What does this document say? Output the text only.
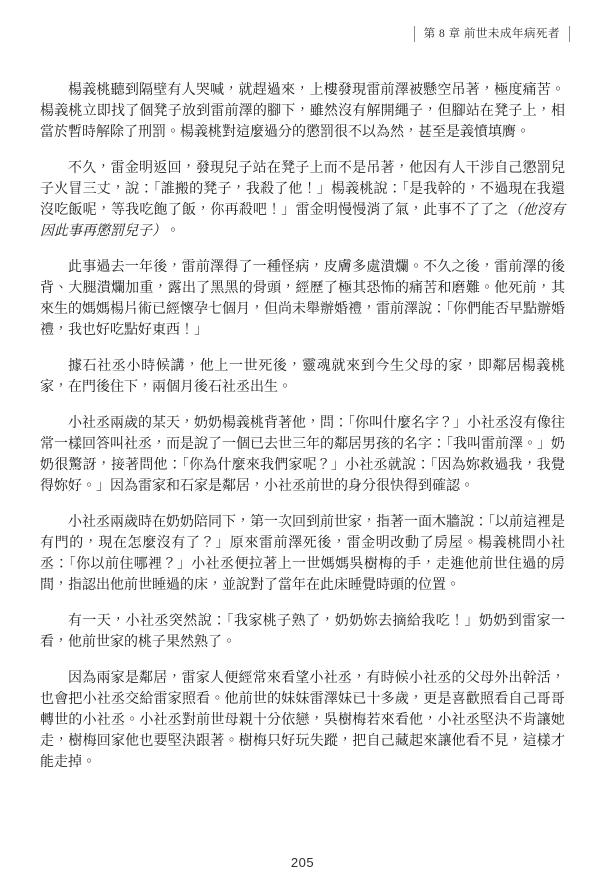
第 8 章 前世未成年病死者

楊義桃聽到隔壁有人哭喊，就趕過來，上樓發現雷前澤被懸空吊著，極度痛苦。楊義桃立即找了個凳子放到雷前澤的腳下，雖然沒有解開繩子，但腳站在凳子上，相當於暫時解除了刑罰。楊義桃對這麼過分的懲罰很不以為然，甚至是義憤填膺。

不久，雷金明返回，發現兒子站在凳子上而不是吊著，他因有人干涉自己懲罰兒子火冒三丈，說：「誰搬的凳子，我殺了他！」楊義桃說：「是我幹的，不過現在我還沒吃飯呢，等我吃飽了飯，你再殺吧！」雷金明慢慢消了氣，此事不了了之（他沒有因此事再懲罰兒子）。

此事過去一年後，雷前澤得了一種怪病，皮膚多處潰爛。不久之後，雷前澤的後背、大腿潰爛加重，露出了黑黑的骨頭，經歷了極其恐怖的痛苦和磨難。他死前，其來生的媽媽楊片術已經懷孕七個月，但尚未舉辦婚禮，雷前澤說：「你們能否早點辦婚禮，我也好吃點好東西！」

據石社丞小時候講，他上一世死後，靈魂就來到今生父母的家，即鄰居楊義桃家，在門後住下，兩個月後石社丞出生。

小社丞兩歲的某天，奶奶楊義桃背著他，問：「你叫什麼名字？」小社丞沒有像往常一樣回答叫社丞，而是說了一個已去世三年的鄰居男孩的名字：「我叫雷前澤。」奶奶很驚訝，接著問他：「你為什麼來我們家呢？」小社丞就說：「因為妳救過我，我覺得妳好。」因為雷家和石家是鄰居，小社丞前世的身分很快得到確認。

小社丞兩歲時在奶奶陪同下，第一次回到前世家，指著一面木牆說：「以前這裡是有門的，現在怎麼沒有了？」原來雷前澤死後，雷金明改動了房屋。楊義桃問小社丞：「你以前住哪裡？」小社丞便拉著上一世媽媽吳樹梅的手，走進他前世住過的房間，指認出他前世睡過的床，並說對了當年在此床睡覺時頭的位置。

有一天，小社丞突然說：「我家桃子熟了，奶奶妳去摘給我吃！」奶奶到雷家一看，他前世家的桃子果然熟了。

因為兩家是鄰居，雷家人便經常來看望小社丞，有時候小社丞的父母外出幹活，也會把小社丞交給雷家照看。他前世的妹妹雷澤妹已十多歲，更是喜歡照看自己哥哥轉世的小社丞。小社丞對前世母親十分依戀，吳樹梅若來看他，小社丞堅決不肯讓她走，樹梅回家他也要堅決跟著。樹梅只好玩失蹤，把自己藏起來讓他看不見，這樣才能走掉。

205
